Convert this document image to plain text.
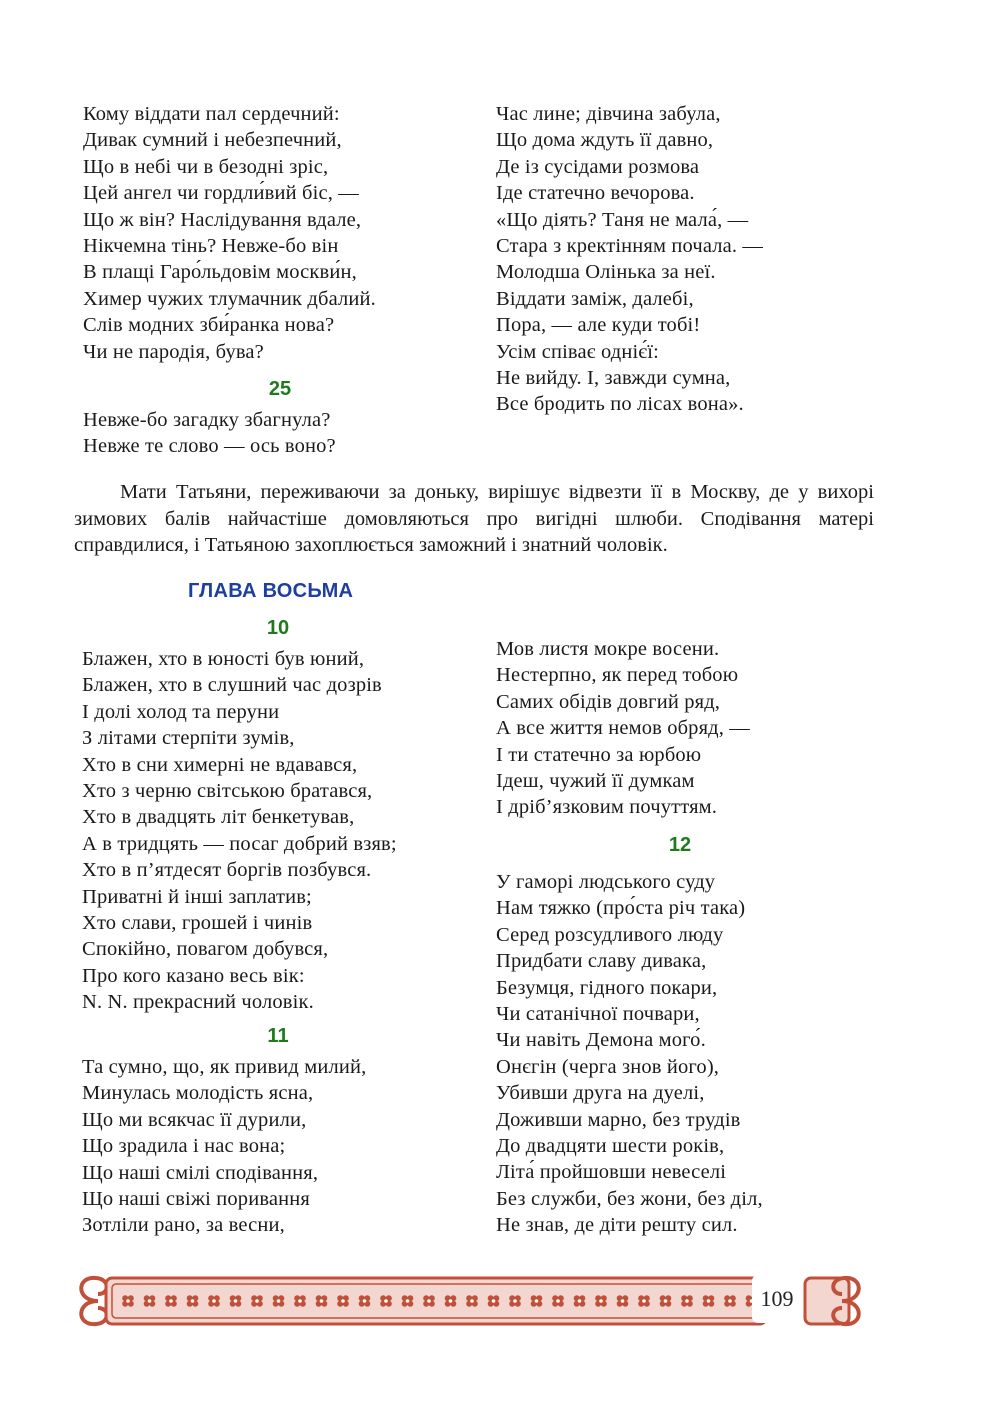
Кому віддати пал сердечний:
Дивак сумний і небезпечний,
Що в небі чи в безодні зріс,
Цей ангел чи гордли́вий біс, —
Що ж він? Наслідування вдале,
Нікчемна тінь? Невже-бо він
В плащі Гаро́льдовім москви́н,
Химер чужих тлумачник дбалий.
Слів модних зби́ранка нова?
Чи не пародія, бува?
25
Невже-бо загадку збагнула?
Невже те слово — ось воно?
Час лине; дівчина забула,
Що дома ждуть її давно,
Де із сусідами розмова
Іде статечно вечорова.
«Що діять? Таня не мала́, —
Стара з кректінням почала. —
Молодша Олінька за неї.
Віддати заміж, далебі,
Пора, — але куди тобі!
Усім співає одніє́ї:
Не вийду. І, завжди сумна,
Все бродить по лісах вона».

Мати Татьяни, переживаючи за доньку, вирішує відвезти її в Москву, де у вихорі зимових балів найчастіше домовляються про вигідні шлюби. Сподівання матері справдилися, і Татьяною захоплюється заможний і знатний чоловік.

ГЛАВА ВОСЬМА
10
Блажен, хто в юності був юний,
Блажен, хто в слушний час дозрів
І долі холод та перуни
З літами стерпіти зумів,
Хто в сни химерні не вдавався,
Хто з черню світською братався,
Хто в двадцять літ бенкетував,
А в тридцять — посаг добрий взяв;
Хто в п’ятдесят боргів позбувся.
Приватні й інші заплатив;
Хто слави, грошей і чинів
Спокійно, повагом добувся,
Про кого казано весь вік:
N. N. прекрасний чоловік.
11
Та сумно, що, як привид милий,
Минулась молодість ясна,
Що ми всякчас її дурили,
Що зрадила і нас вона;
Що наші смілі сподівання,
Що наші свіжі поривання
Зотліли рано, за весни,
Мов листя мокре восени.
Нестерпно, як перед тобою
Самих обідів довгий ряд,
А все життя немов обряд, —
І ти статечно за юрбою
Ідеш, чужий її думкам
І дріб’язковим почуттям.
12
У гаморі людського суду
Нам тяжко (про́ста річ така)
Серед розсудливого люду
Придбати славу дивака,
Безумця, гідного покари,
Чи сатанічної почвари,
Чи навіть Демона мого́.
Онєгін (черга знов його),
Убивши друга на дуелі,
Доживши марно, без трудів
До двадцяти шести років,
Літа́ пройшовши невеселі
Без служби, без жони, без діл,
Не знав, де діти решту сил.
109
